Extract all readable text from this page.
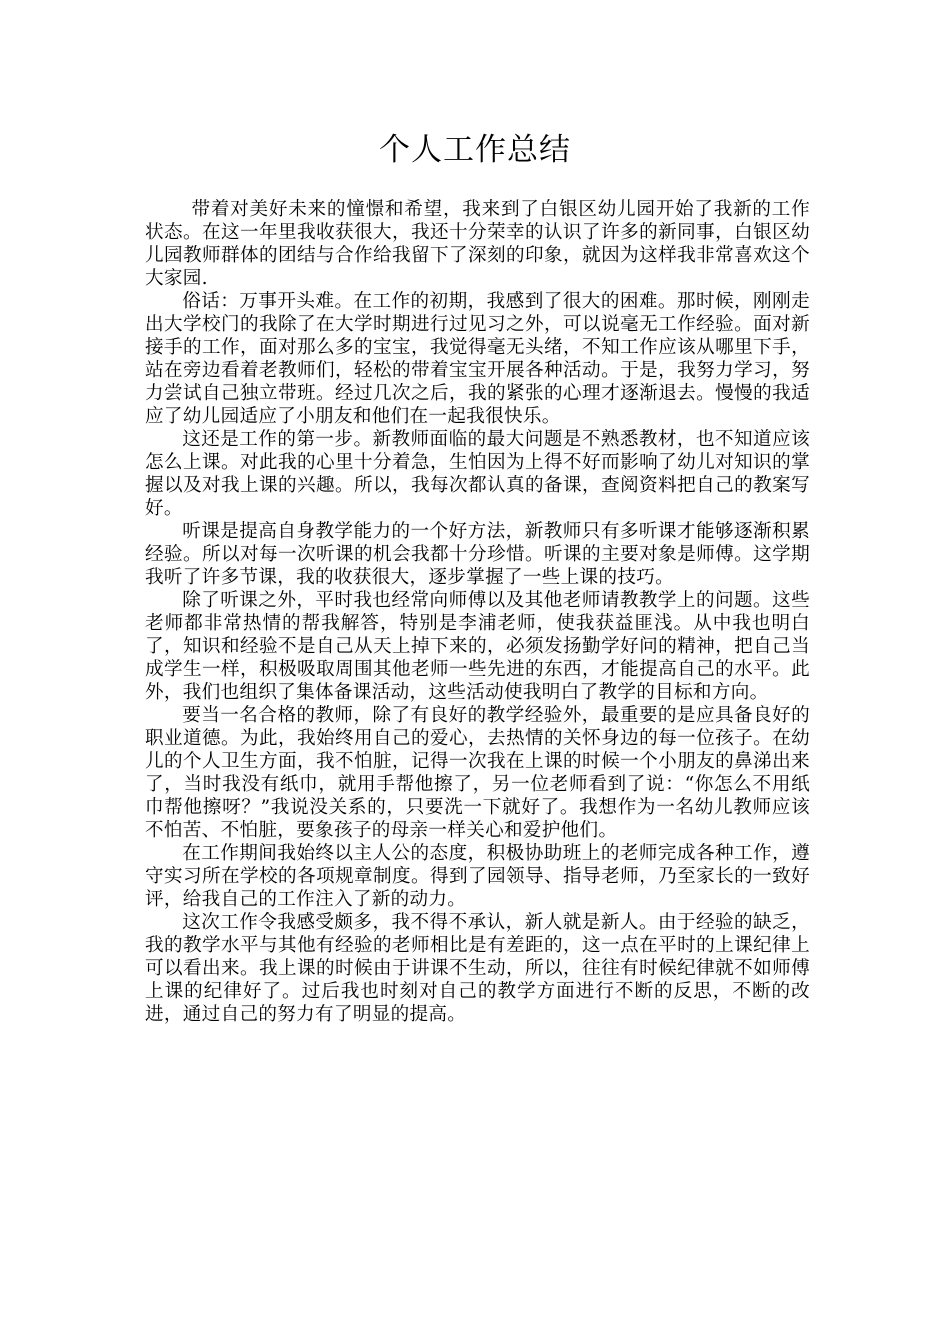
个人工作总结

带着对美好未来的憧憬和希望，我来到了白银区幼儿园开始了我新的工作状态。在这一年里我收获很大，我还十分荣幸的认识了许多的新同事，白银区幼儿园教师群体的团结与合作给我留下了深刻的印象，就因为这样我非常喜欢这个大家园.

俗话：万事开头难。在工作的初期，我感到了很大的困难。那时候，刚刚走出大学校门的我除了在大学时期进行过见习之外，可以说毫无工作经验。面对新接手的工作，面对那么多的宝宝，我觉得毫无头绪，不知工作应该从哪里下手，站在旁边看着老教师们，轻松的带着宝宝开展各种活动。于是，我努力学习，努力尝试自己独立带班。经过几次之后，我的紧张的心理才逐渐退去。慢慢的我适应了幼儿园适应了小朋友和他们在一起我很快乐。

这还是工作的第一步。新教师面临的最大问题是不熟悉教材，也不知道应该怎么上课。对此我的心里十分着急，生怕因为上得不好而影响了幼儿对知识的掌握以及对我上课的兴趣。所以，我每次都认真的备课，查阅资料把自己的教案写好。

听课是提高自身教学能力的一个好方法，新教师只有多听课才能够逐渐积累经验。所以对每一次听课的机会我都十分珍惜。听课的主要对象是师傅。这学期我听了许多节课，我的收获很大，逐步掌握了一些上课的技巧。

除了听课之外，平时我也经常向师傅以及其他老师请教教学上的问题。这些老师都非常热情的帮我解答，特别是李浦老师，使我获益匪浅。从中我也明白了，知识和经验不是自己从天上掉下来的，必须发扬勤学好问的精神，把自己当成学生一样，积极吸取周围其他老师一些先进的东西，才能提高自己的水平。此外，我们也组织了集体备课活动，这些活动使我明白了教学的目标和方向。

要当一名合格的教师，除了有良好的教学经验外，最重要的是应具备良好的职业道德。为此，我始终用自己的爱心，去热情的关怀身边的每一位孩子。在幼儿的个人卫生方面，我不怕脏，记得一次我在上课的时候一个小朋友的鼻涕出来了，当时我没有纸巾，就用手帮他擦了，另一位老师看到了说：“你怎么不用纸巾帮他擦呀？”我说没关系的，只要洗一下就好了。我想作为一名幼儿教师应该不怕苦、不怕脏，要象孩子的母亲一样关心和爱护他们。

在工作期间我始终以主人公的态度，积极协助班上的老师完成各种工作，遵守实习所在学校的各项规章制度。得到了园领导、指导老师，乃至家长的一致好评，给我自己的工作注入了新的动力。

这次工作令我感受颇多，我不得不承认，新人就是新人。由于经验的缺乏，我的教学水平与其他有经验的老师相比是有差距的，这一点在平时的上课纪律上可以看出来。我上课的时候由于讲课不生动，所以，往往有时候纪律就不如师傅上课的纪律好了。过后我也时刻对自己的教学方面进行不断的反思，不断的改进，通过自己的努力有了明显的提高。
